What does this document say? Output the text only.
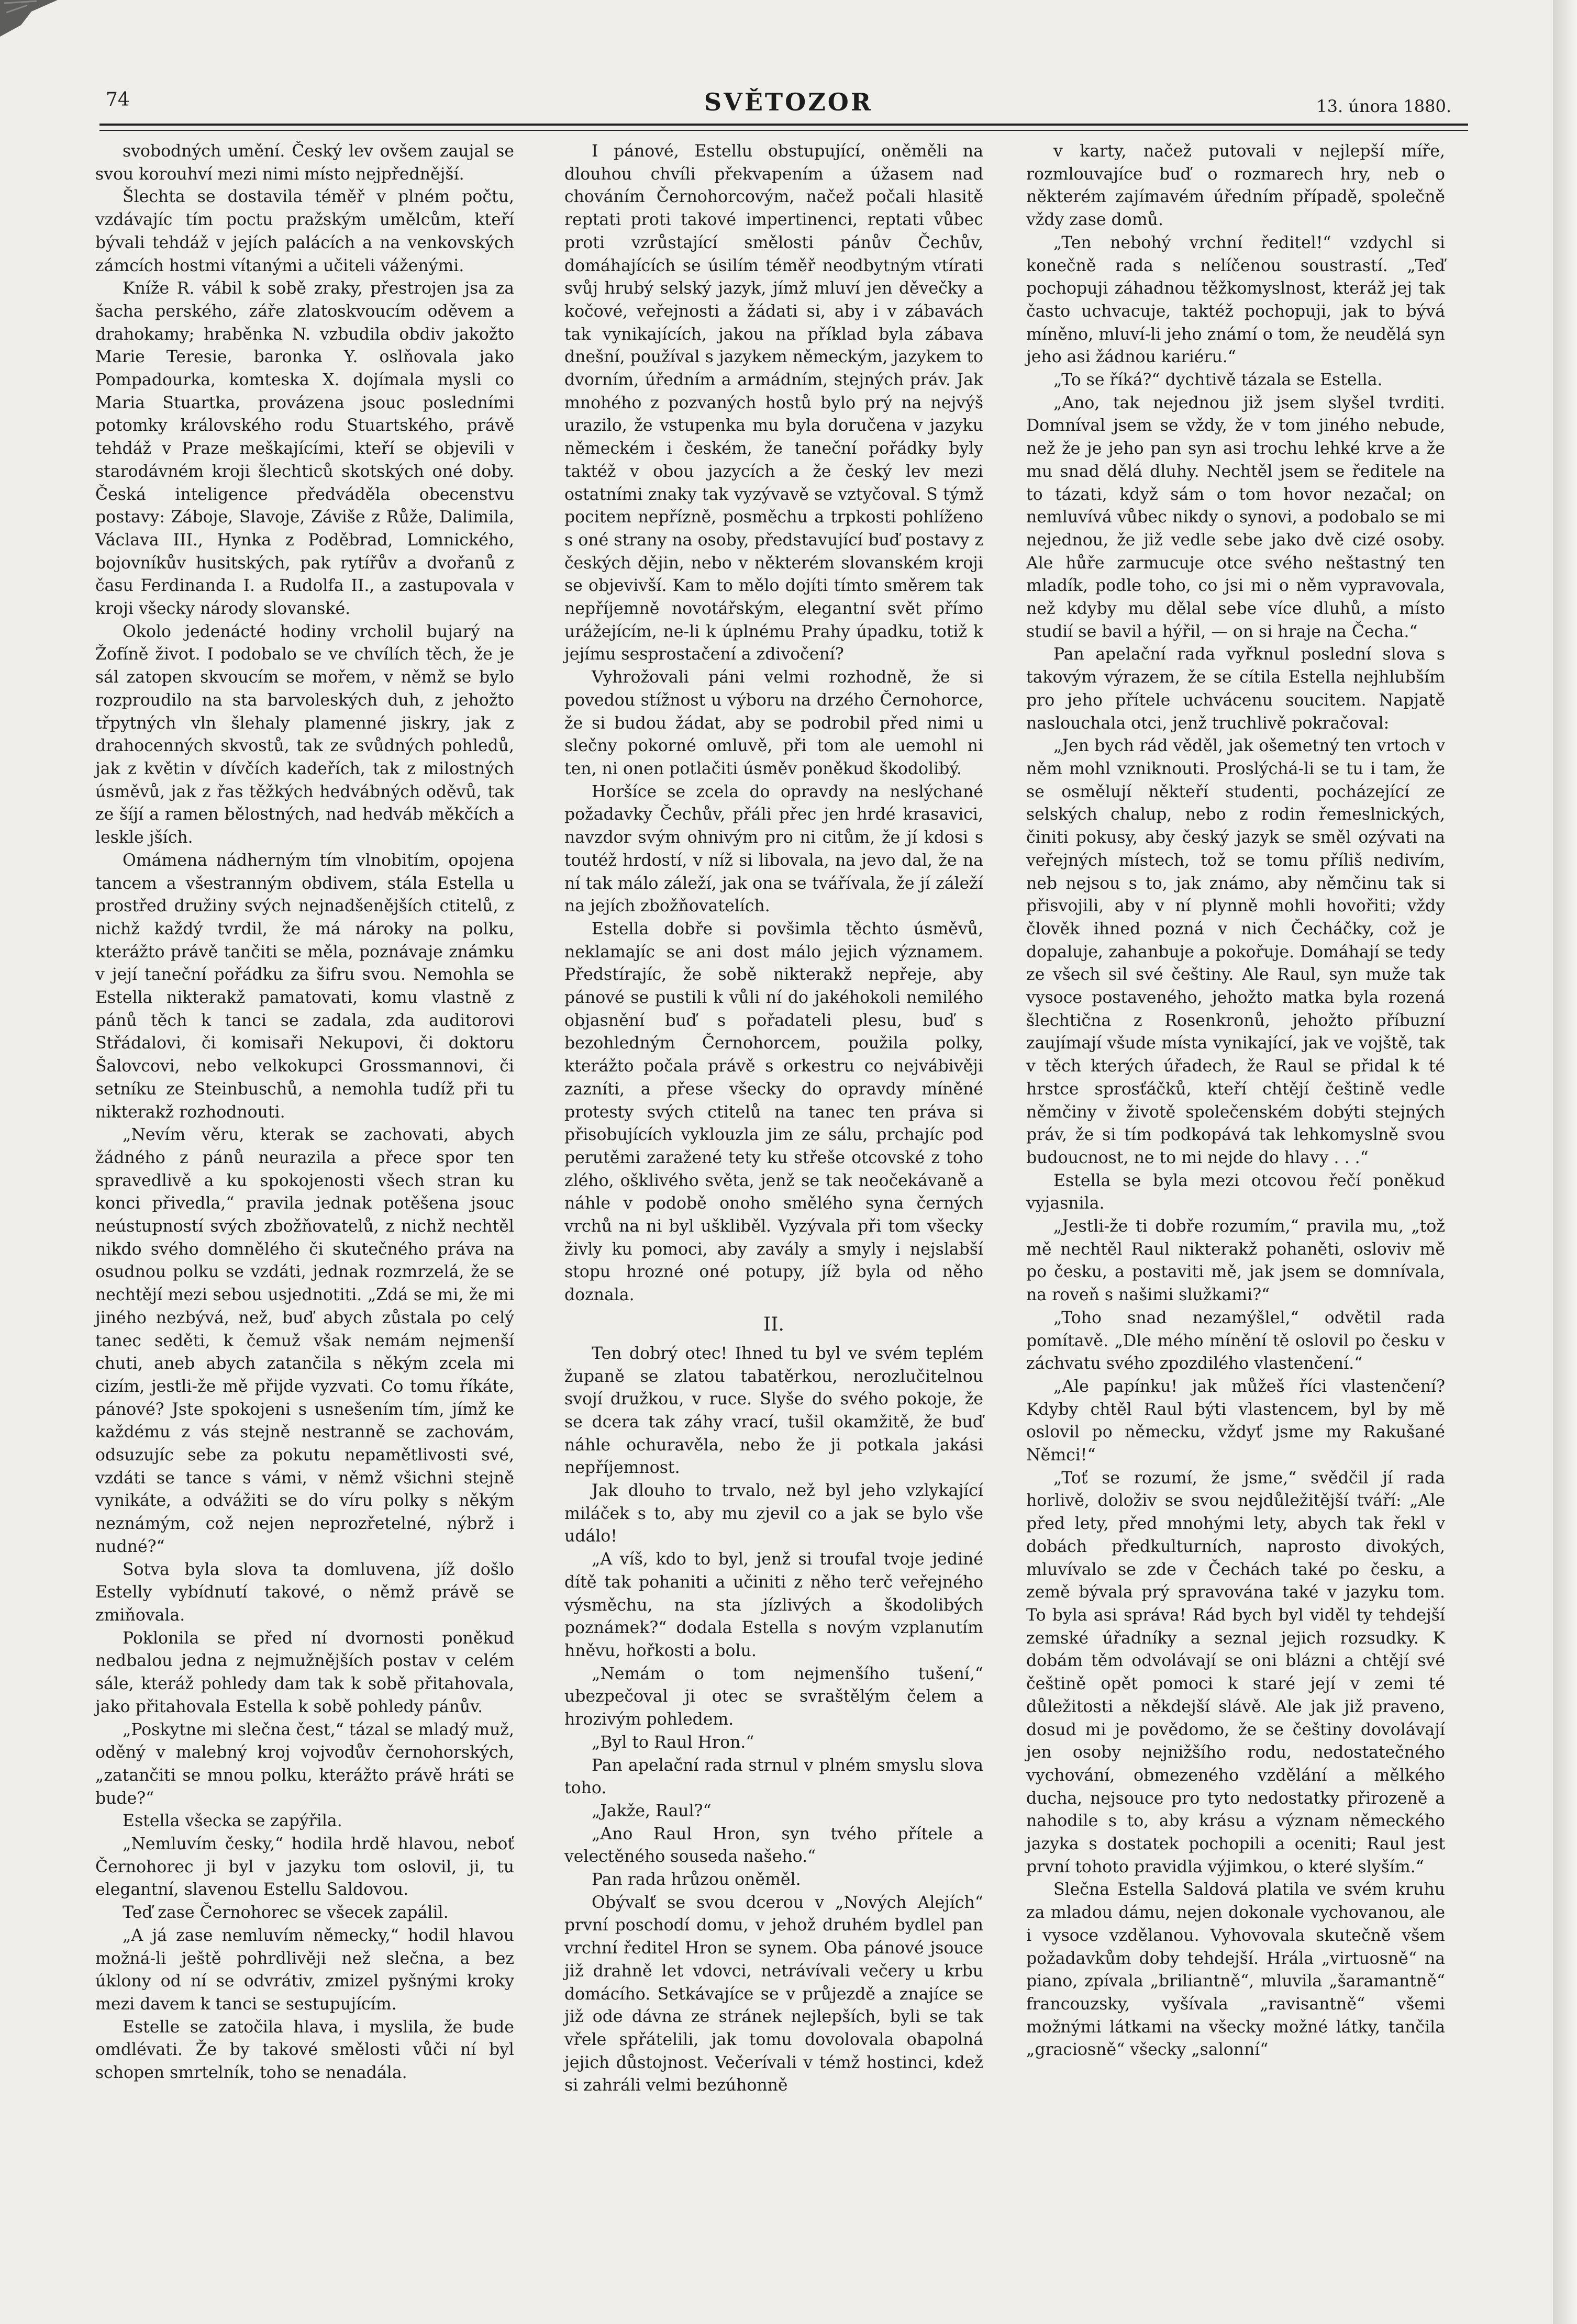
74	SVĚTOZOR	13. února 1880.

svobodných umění. Český lev ovšem zaujal se svou korouhví mezi nimi místo nejpřednější.

Šlechta se dostavila téměř v plném počtu, vzdávajíc tím poctu pražským umělcům, kteří bývali tehdáž v jejích palácích a na venkovských zámcích hostmi vítanými a učiteli váženými.

Kníže R. vábil k sobě zraky, přestrojen jsa za šacha perského, záře zlatoskvoucím oděvem a drahokamy; hraběnka N. vzbudila obdiv jakožto Marie Teresie, baronka Y. oslňovala jako Pompadourka, komteska X. dojímala mysli co Maria Stuartka, provázena jsouc posledními potomky královského rodu Stuartského, právě tehdáž v Praze meškajícími, kteří se objevili v starodávném kroji šlechticů skotských oné doby. Česká inteligence předváděla obecenstvu postavy: Záboje, Slavoje, Záviše z Růže, Dalimila, Václava III., Hynka z Poděbrad, Lomnického, bojovníkův husitských, pak rytířův a dvořanů z času Ferdinanda I. a Rudolfa II., a zastupovala v kroji všecky národy slovanské.

Okolo jedenácté hodiny vrcholil bujarý na Žofíně život. I podobalo se ve chvílích těch, že je sál zatopen skvoucím se mořem, v němž se bylo rozproudilo na sta barvoleských duh, z jehožto třpytných vln šlehaly plamenné jiskry, jak z drahocenných skvostů, tak ze svůdných pohledů, jak z květin v dívčích kadeřích, tak z milostných úsměvů, jak z řas těžkých hedvábných oděvů, tak ze šíjí a ramen bělostných, nad hedváb měkčích a leskle jších.

Omámena nádherným tím vlnobitím, opojena tancem a všestranným obdivem, stála Estella u prostřed družiny svých nejnadšenějších ctitelů, z nichž každý tvrdil, že má nároky na polku, kterážto právě tančiti se měla, poznávaje známku v její taneční pořádku za šifru svou. Nemohla se Estella nikterakž pamatovati, komu vlastně z pánů těch k tanci se zadala, zda auditorovi Střádalovi, či komisaři Nekupovi, či doktoru Šalovcovi, nebo velkokupci Grossmannovi, či setníku ze Steinbuschů, a nemohla tudíž při tu nikterakž rozhodnouti.

„Nevím věru, kterak se zachovati, abych žádného z pánů neurazila a přece spor ten spravedlivě a ku spokojenosti všech stran ku konci přivedla,“ pravila jednak potěšena jsouc neústupností svých zbožňovatelů, z nichž nechtěl nikdo svého domnělého či skutečného práva na osudnou polku se vzdáti, jednak rozmrzelá, že se nechtějí mezi sebou usjednotiti. „Zdá se mi, že mi jiného nezbývá, než, buď abych zůstala po celý tanec seděti, k čemuž však nemám nejmenší chuti, aneb abych zatančila s někým zcela mi cizím, jestli-že mě přijde vyzvati. Co tomu říkáte, pánové? Jste spokojeni s usnešením tím, jímž ke každému z vás stejně nestranně se zachovám, odsuzujíc sebe za pokutu nepamětlivosti své, vzdáti se tance s vámi, v němž všichni stejně vynikáte, a odvážiti se do víru polky s někým neznámým, což nejen neprozřetelné, nýbrž i nudné?“

Sotva byla slova ta domluvena, jíž došlo Estelly vybídnutí takové, o němž právě se zmiňovala.

Poklonila se před ní dvornosti poněkud nedbalou jedna z nejmužnějších postav v celém sále, kteráž pohledy dam tak k sobě přitahovala, jako přitahovala Estella k sobě pohledy pánův.

„Poskytne mi slečna čest,“ tázal se mladý muž, oděný v malebný kroj vojvodův černohorských, „zatančiti se mnou polku, kterážto právě hráti se bude?“

Estella všecka se zapýřila.

„Nemluvím česky,“ hodila hrdě hlavou, neboť Černohorec ji byl v jazyku tom oslovil, ji, tu elegantní, slavenou Estellu Saldovou.

Teď zase Černohorec se všecek zapálil.

„A já zase nemluvím německy,“ hodil hlavou možná-li ještě pohrdlivěji než slečna, a bez úklony od ní se odvrátiv, zmizel pyšnými kroky mezi davem k tanci se sestupujícím.

Estelle se zatočila hlava, i myslila, že bude omdlévati. Že by takové smělosti vůči ní byl schopen smrtelník, toho se nenadála.

I pánové, Estellu obstupující, oněměli na dlouhou chvíli překvapením a úžasem nad chováním Černohorcovým, načež počali hlasitě reptati proti takové impertinenci, reptati vůbec proti vzrůstající smělosti pánův Čechův, domáhajících se úsilím téměř neodbytným vtírati svůj hrubý selský jazyk, jímž mluví jen děvečky a kočové, veřejnosti a žádati si, aby i v zábavách tak vynikajících, jakou na příklad byla zábava dnešní, používal s jazykem německým, jazykem to dvorním, úředním a armádním, stejných práv. Jak mnohého z pozvaných hostů bylo prý na nejvýš urazilo, že vstupenka mu byla doručena v jazyku německém i českém, že taneční pořádky byly taktéž v obou jazycích a že český lev mezi ostatními znaky tak vyzývavě se vztyčoval. S týmž pocitem nepřízně, posměchu a trpkosti pohlíženo s oné strany na osoby, představující buď postavy z českých dějin, nebo v některém slovanském kroji se objevivší. Kam to mělo dojíti tímto směrem tak nepříjemně novotářským, elegantní svět přímo urážejícím, ne-li k úplnému Prahy úpadku, totiž k jejímu sesprostačení a zdivočení?

Vyhrožovali páni velmi rozhodně, že si povedou stížnost u výboru na drzého Černohorce, že si budou žádat, aby se podrobil před nimi u slečny pokorné omluvě, při tom ale uemohl ni ten, ni onen potlačiti úsměv poněkud škodolibý.

Horšíce se zcela do opravdy na neslýchané požadavky Čechův, přáli přec jen hrdé krasavici, navzdor svým ohnivým pro ni citům, že jí kdosi s toutéž hrdostí, v níž si libovala, na jevo dal, že na ní tak málo záleží, jak ona se tvářívala, že jí záleží na jejích zbožňovatelích.

Estella dobře si povšimla těchto úsměvů, neklamajíc se ani dost málo jejich významem. Předstírajíc, že sobě nikterakž nepřeje, aby pánové se pustili k vůli ní do jakéhokoli nemilého objasnění buď s pořadateli plesu, buď s bezohledným Černohorcem, použila polky, kterážto počala právě s orkestru co nejvábivěji zazníti, a přese všecky do opravdy míněné protesty svých ctitelů na tanec ten práva si přisobujících vyklouzla jim ze sálu, prchajíc pod perutěmi zaražené tety ku střeše otcovské z toho zlého, ošklivého světa, jenž se tak neočekávaně a náhle v podobě onoho smělého syna černých vrchů na ni byl uškliběl. Vyzývala při tom všecky živly ku pomoci, aby zavály a smyly i nejslabší stopu hrozné oné potupy, jíž byla od něho doznala.

II.

Ten dobrý otec! Ihned tu byl ve svém teplém županě se zlatou tabatěrkou, nerozlučitelnou svojí družkou, v ruce. Slyše do svého pokoje, že se dcera tak záhy vrací, tušil okamžitě, že buď náhle ochuravěla, nebo že ji potkala jakási nepříjemnost.

Jak dlouho to trvalo, než byl jeho vzlykající miláček s to, aby mu zjevil co a jak se bylo vše událo!

„A víš, kdo to byl, jenž si troufal tvoje jediné dítě tak pohaniti a učiniti z něho terč veřejného výsměchu, na sta jízlivých a škodolibých poznámek?“ dodala Estella s novým vzplanutím hněvu, hořkosti a bolu.

„Nemám o tom nejmenšího tušení,“ ubezpečoval ji otec se svraštělým čelem a hrozivým pohledem.

„Byl to Raul Hron.“

Pan apelační rada strnul v plném smyslu slova toho.

„Jakže, Raul?“

„Ano Raul Hron, syn tvého přítele a velectěného souseda našeho.“

Pan rada hrůzou oněměl.

Obývalť se svou dcerou v „Nových Alejích“ první poschodí domu, v jehož druhém bydlel pan vrchní ředitel Hron se synem. Oba pánové jsouce již drahně let vdovci, netrávívali večery u krbu domácího. Setkávajíce se v průjezdě a znajíce se již ode dávna ze stránek nejlepších, byli se tak vřele spřátelili, jak tomu dovolovala obapolná jejich důstojnost. Večerívali v témž hostinci, kdež si zahráli velmi bezúhonně

v karty, načež putovali v nejlepší míře, rozmlouvajíce buď o rozmarech hry, neb o některém zajímavém úředním případě, společně vždy zase domů.

„Ten nebohý vrchní ředitel!“ vzdychl si konečně rada s nelíčenou soustrastí. „Teď pochopuji záhadnou těžkomyslnost, kteráž jej tak často uchvacuje, taktéž pochopuji, jak to bývá míněno, mluví-li jeho známí o tom, že neudělá syn jeho asi žádnou kariéru.“

„To se říká?“ dychtivě tázala se Estella.

„Ano, tak nejednou již jsem slyšel tvrditi. Domníval jsem se vždy, že v tom jiného nebude, než že je jeho pan syn asi trochu lehké krve a že mu snad dělá dluhy. Nechtěl jsem se ředitele na to tázati, když sám o tom hovor nezačal; on nemluvívá vůbec nikdy o synovi, a podobalo se mi nejednou, že již vedle sebe jako dvě cizé osoby. Ale hůře zarmucuje otce svého neštastný ten mladík, podle toho, co jsi mi o něm vypravovala, než kdyby mu dělal sebe více dluhů, a místo studií se bavil a hýřil, — on si hraje na Čecha.“

Pan apelační rada vyřknul poslední slova s takovým výrazem, že se cítila Estella nejhlubším pro jeho přítele uchvácenu soucitem. Napjatě naslouchala otci, jenž truchlivě pokračoval:

„Jen bych rád věděl, jak ošemetný ten vrtoch v něm mohl vzniknouti. Proslýchá-li se tu i tam, že se osmělují někteří studenti, pocházející ze selských chalup, nebo z rodin řemeslnických, činiti pokusy, aby český jazyk se směl ozývati na veřejných místech, tož se tomu příliš nedivím, neb nejsou s to, jak známo, aby němčinu tak si přisvojili, aby v ní plynně mohli hovořiti; vždy člověk ihned pozná v nich Čecháčky, což je dopaluje, zahanbuje a pokořuje. Domáhají se tedy ze všech sil své češtiny. Ale Raul, syn muže tak vysoce postaveného, jehožto matka byla rozená šlechtična z Rosenkronů, jehožto příbuzní zaujímají všude místa vynikající, jak ve vojště, tak v těch kterých úřadech, že Raul se přidal k té hrstce sprosťáčků, kteří chtějí češtině vedle němčiny v životě společenském dobýti stejných práv, že si tím podkopává tak lehkomyslně svou budoucnost, ne to mi nejde do hlavy . . .“

Estella se byla mezi otcovou řečí poněkud vyjasnila.

„Jestli-že ti dobře rozumím,“ pravila mu, „tož mě nechtěl Raul nikterakž pohaněti, osloviv mě po česku, a postaviti mě, jak jsem se domnívala, na roveň s našimi služkami?“

„Toho snad nezamýšlel,“ odvětil rada pomítavě. „Dle mého mínění tě oslovil po česku v záchvatu svého zpozdilého vlastenčení.“

„Ale papínku! jak můžeš říci vlastenčení? Kdyby chtěl Raul býti vlastencem, byl by mě oslovil po německu, vždyť jsme my Rakušané Němci!“

„Toť se rozumí, že jsme,“ svědčil jí rada horlivě, doloživ se svou nejdůležitější tváří: „Ale před lety, před mnohými lety, abych tak řekl v dobách předkulturních, naprosto divokých, mluvívalo se zde v Čechách také po česku, a země bývala prý spravována také v jazyku tom. To byla asi správa! Rád bych byl viděl ty tehdejší zemské úřadníky a seznal jejich rozsudky. K dobám těm odvolávají se oni blázni a chtějí své češtině opět pomoci k staré její v zemi té důležitosti a někdejší slávě. Ale jak již praveno, dosud mi je povědomo, že se češtiny dovolávají jen osoby nejnižšího rodu, nedostatečného vychování, obmezeného vzdělání a mělkého ducha, nejsouce pro tyto nedostatky přirozeně a nahodile s to, aby krásu a význam německého jazyka s dostatek pochopili a oceniti; Raul jest první tohoto pravidla výjimkou, o které slyším.“

Slečna Estella Saldová platila ve svém kruhu za mladou dámu, nejen dokonale vychovanou, ale i vysoce vzdělanou. Vyhovovala skutečně všem požadavkům doby tehdejší. Hrála „virtuosně“ na piano, zpívala „briliantně“, mluvila „šaramantně“ francouzsky, vyšívala „ravisantně“ všemi možnými látkami na všecky možné látky, tančila „graciosně“ všecky „salonní“
